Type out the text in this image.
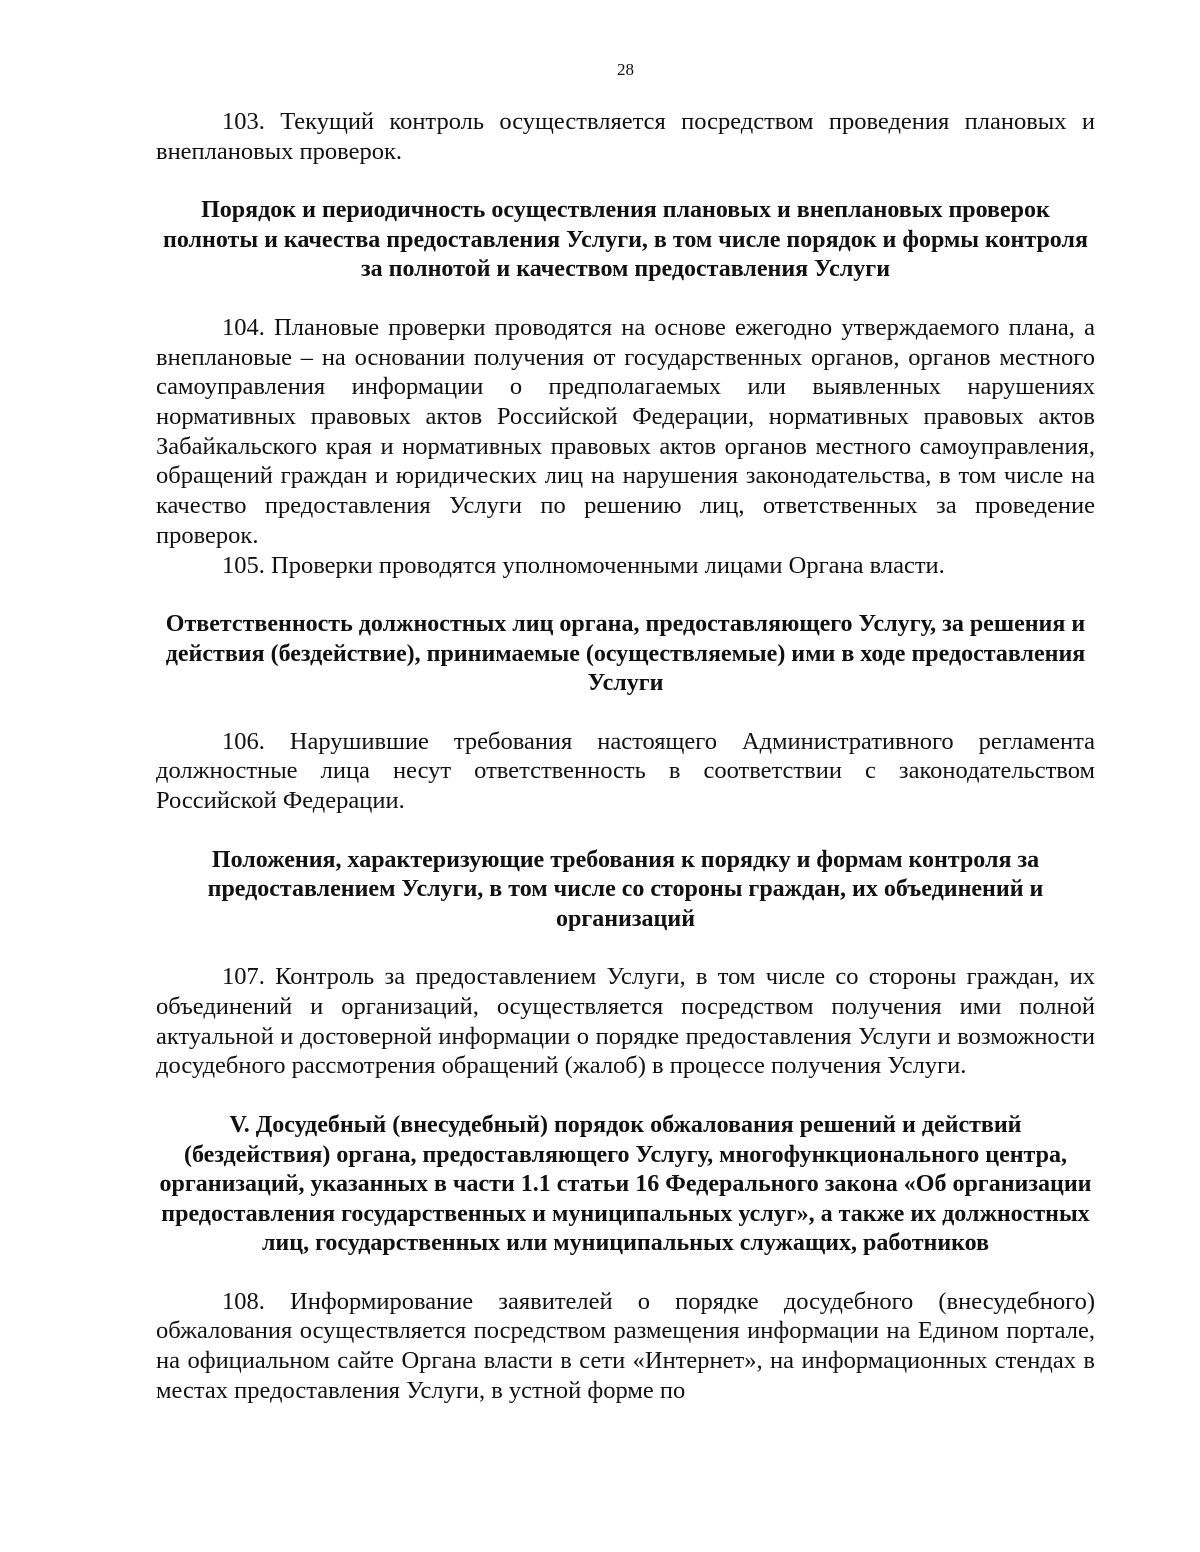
28

103. Текущий контроль осуществляется посредством проведения плановых и внеплановых проверок.

Порядок и периодичность осуществления плановых и внеплановых проверок полноты и качества предоставления Услуги, в том числе порядок и формы контроля за полнотой и качеством предоставления Услуги

104. Плановые проверки проводятся на основе ежегодно утверждаемого плана, а внеплановые – на основании получения от государственных органов, органов местного самоуправления информации о предполагаемых или выявленных нарушениях нормативных правовых актов Российской Федерации, нормативных правовых актов Забайкальского края и нормативных правовых актов органов местного самоуправления, обращений граждан и юридических лиц на нарушения законодательства, в том числе на качество предоставления Услуги по решению лиц, ответственных за проведение проверок.

105. Проверки проводятся уполномоченными лицами Органа власти.

Ответственность должностных лиц органа, предоставляющего Услугу, за решения и действия (бездействие), принимаемые (осуществляемые) ими в ходе предоставления Услуги

106. Нарушившие требования настоящего Административного регламента должностные лица несут ответственность в соответствии с законодательством Российской Федерации.

Положения, характеризующие требования к порядку и формам контроля за предоставлением Услуги, в том числе со стороны граждан, их объединений и организаций

107. Контроль за предоставлением Услуги, в том числе со стороны граждан, их объединений и организаций, осуществляется посредством получения ими полной актуальной и достоверной информации о порядке предоставления Услуги и возможности досудебного рассмотрения обращений (жалоб) в процессе получения Услуги.

V. Досудебный (внесудебный) порядок обжалования решений и действий (бездействия) органа, предоставляющего Услугу, многофункционального центра, организаций, указанных в части 1.1 статьи 16 Федерального закона «Об организации предоставления государственных и муниципальных услуг», а также их должностных лиц, государственных или муниципальных служащих, работников

108. Информирование заявителей о порядке досудебного (внесудебного) обжалования осуществляется посредством размещения информации на Едином портале, на официальном сайте Органа власти в сети «Интернет», на информационных стендах в местах предоставления Услуги, в устной форме по
